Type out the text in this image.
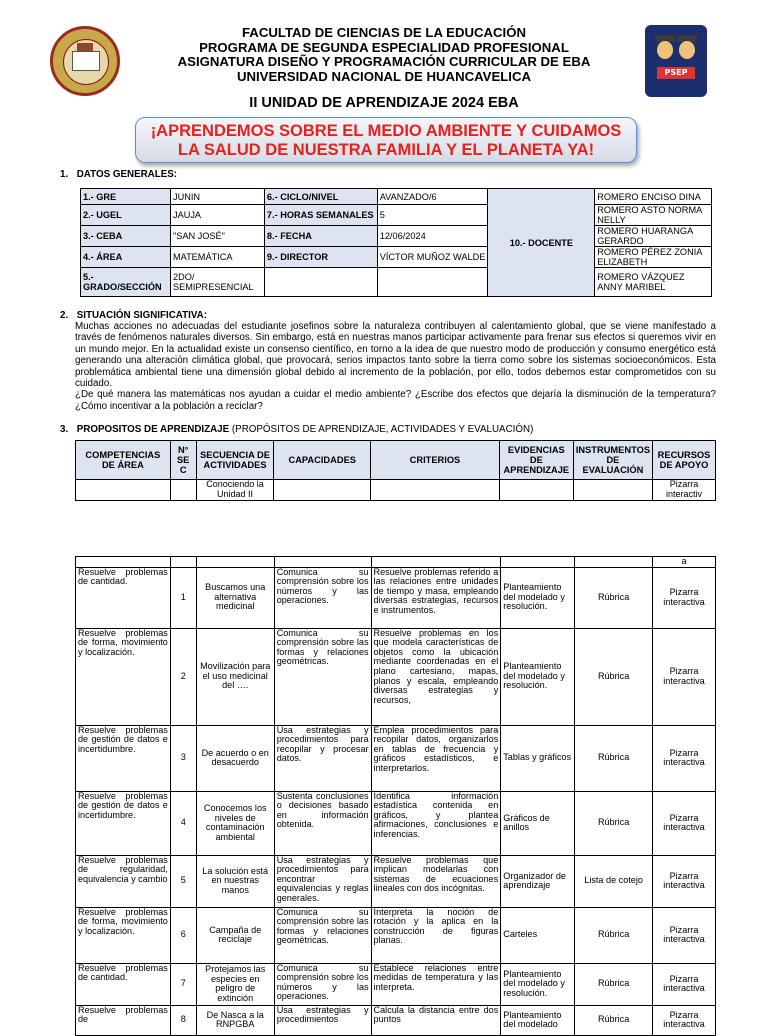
PSEP
FACULTAD DE CIENCIAS DE LA EDUCACIÓN
PROGRAMA DE SEGUNDA ESPECIALIDAD PROFESIONAL
ASIGNATURA DISEÑO Y PROGRAMACIÓN CURRICULAR DE EBA
UNIVERSIDAD NACIONAL DE HUANCAVELICA
II UNIDAD DE APRENDIZAJE 2024 EBA
¡APRENDEMOS SOBRE EL MEDIO AMBIENTE Y CUIDAMOS
LA SALUD DE NUESTRA FAMILIA Y EL PLANETA YA!
1. DATOS GENERALES:
1.- GRE	JUNIN	6.- CICLO/NIVEL	AVANZADO/6	10.- DOCENTE	ROMERO ENCISO DINA
2.- UGEL	JAUJA	7.- HORAS SEMANALES	5		ROMERO ASTO NORMA NELLY
3.- CEBA	"SAN JOSÉ"	8.- FECHA	12/06/2024		ROMERO HUARANGA GERARDO
4.- ÁREA	MATEMÁTICA	9.- DIRECTOR	VÍCTOR MUÑOZ WALDE		ROMERO PÉREZ ZONIA ELIZABETH
5.- GRADO/SECCIÓN	2DO/ SEMIPRESENCIAL				ROMERO VÁZQUEZ ANNY MARIBEL

2. SITUACIÓN SIGNIFICATIVA:
Muchas acciones no adecuadas del estudiante josefinos sobre la naturaleza contribuyen al calentamiento global, que se viene manifestado a través de fenómenos naturales diversos. Sin embargo, está en nuestras manos participar activamente para frenar sus efectos si queremos vivir en un mundo mejor. En la actualidad existe un consenso científico, en torno a la idea de que nuestro modo de producción y consumo energético está generando una alteración climática global, que provocará, serios impactos tanto sobre la tierra como sobre los sistemas socioeconómicos. Esta problemática ambiental tiene una dimensión global debido al incremento de la población, por ello, todos debemos estar comprometidos con su cuidado.
¿De qué manera las matemáticas nos ayudan a cuidar el medio ambiente? ¿Escribe dos efectos que dejaría la disminución de la temperatura? ¿Cómo incentivar a la población a reciclar?
3. PROPOSITOS DE APRENDIZAJE (PROPÓSITOS DE APRENDIZAJE, ACTIVIDADES Y EVALUACIÓN)
COMPETENCIAS DE ÁREA	N° SE C	SECUENCIA DE ACTIVIDADES	CAPACIDADES	CRITERIOS	EVIDENCIAS DE APRENDIZAJE	INSTRUMENTOS DE EVALUACIÓN	RECURSOS DE APOYO
		Conociendo la Unidad II					Pizarra interactiv
							a
Resuelve problemas de cantidad.	1	Buscamos una alternativa medicinal	Comunica su comprensión sobre los números y las operaciones.	Resuelve problemas referido a las relaciones entre unidades de tiempo y masa, empleando diversas estrategias, recursos e instrumentos.	Planteamiento del modelado y resolución.	Rúbrica	Pizarra interactiva
Resuelve problemas de forma, movimiento y localización.	2	Movilización para el uso medicinal del ….	Comunica su comprensión sobre las formas y relaciones geométricas.	Resuelve problemas en los que modela características de objetos como la ubicación mediante coordenadas en el plano cartesiano, mapas, planos y escala, empleando diversas estrategias y recursos,	Planteamiento del modelado y resolución.	Rúbrica	Pizarra interactiva
Resuelve problemas de gestión de datos e incertidumbre.	3	De acuerdo o en desacuerdo	Usa estrategias y procedimientos para recopilar y procesar datos.	Emplea procedimientos para recopilar datos, organizarlos en tablas de frecuencia y gráficos estadísticos, e interpretarlos.	Tablas y gráficos	Rúbrica	Pizarra interactiva
Resuelve problemas de gestión de datos e incertidumbre.	4	Conocemos los niveles de contaminación ambiental	Sustenta conclusiones o decisiones basado en información obtenida.	Identifica información estadística contenida en gráficos, y plantea afirmaciones, conclusiones e inferencias.	Gráficos de anillos	Rúbrica	Pizarra interactiva
Resuelve problemas de regularidad, equivalencia y cambio	5	La solución está en nuestras manos	Usa estrategias y procedimientos para encontrar equivalencias y reglas generales.	Resuelve problemas que implican modelarlas con sistemas de ecuaciones lineales con dos incógnitas.	Organizador de aprendizaje	Lista de cotejo	Pizarra interactiva
Resuelve problemas de forma, movimiento y localización.	6	Campaña de reciclaje	Comunica su comprensión sobre las formas y relaciones geométricas.	Interpreta la noción de rotación y la aplica en la construcción de figuras planas.	Carteles	Rúbrica	Pizarra interactiva
Resuelve problemas de cantidad.	7	Protejamos las especies en peligro de extinción	Comunica su comprensión sobre los números y las operaciones.	Establece relaciones entre medidas de temperatura y las interpreta.	Planteamiento del modelado y resolución.	Rúbrica	Pizarra interactiva
Resuelve problemas de	8	De Nasca a la RNPGBA	Usa estrategias y procedimientos	Calcula la distancia entre dos puntos	Planteamiento del modelado	Rúbrica	Pizarra interactiva
